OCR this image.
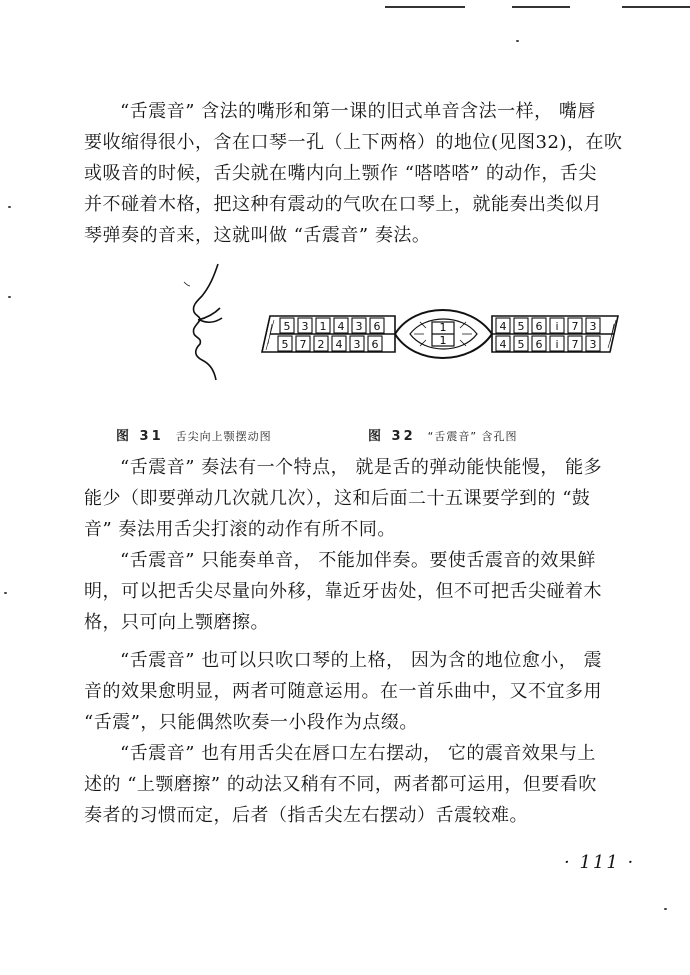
“舌震音” 含法的嘴形和第一课的旧式单音含法一样， 嘴唇
要收缩得很小，含在口琴一孔（上下两格）的地位(见图32)，在吹
或吸音的时候，舌尖就在嘴内向上颚作 “嗒嗒嗒” 的动作，舌尖
并不碰着木格，把这种有震动的气吹在口琴上，就能奏出类似月
琴弹奏的音来，这就叫做 “舌震音” 奏法。
5 3 1 4 3 6
5 7 2 4 3 6
4 5 6 i 7 3
4 5 6 i 7 3
1
1
图 31 舌尖向上颚摆动图	图 32 “舌震音” 含孔图
“舌震音” 奏法有一个特点， 就是舌的弹动能快能慢， 能多
能少（即要弹动几次就几次），这和后面二十五课要学到的 “鼓
音” 奏法用舌尖打滚的动作有所不同。
“舌震音” 只能奏单音， 不能加伴奏。要使舌震音的效果鲜
明，可以把舌尖尽量向外移，靠近牙齿处，但不可把舌尖碰着木
格，只可向上颚磨擦。
“舌震音” 也可以只吹口琴的上格， 因为含的地位愈小， 震
音的效果愈明显，两者可随意运用。在一首乐曲中，又不宜多用
“舌震”，只能偶然吹奏一小段作为点缀。
“舌震音” 也有用舌尖在唇口左右摆动， 它的震音效果与上
述的 “上颚磨擦” 的动法又稍有不同，两者都可运用，但要看吹
奏者的习惯而定，后者（指舌尖左右摆动）舌震较难。
· 111 ·
